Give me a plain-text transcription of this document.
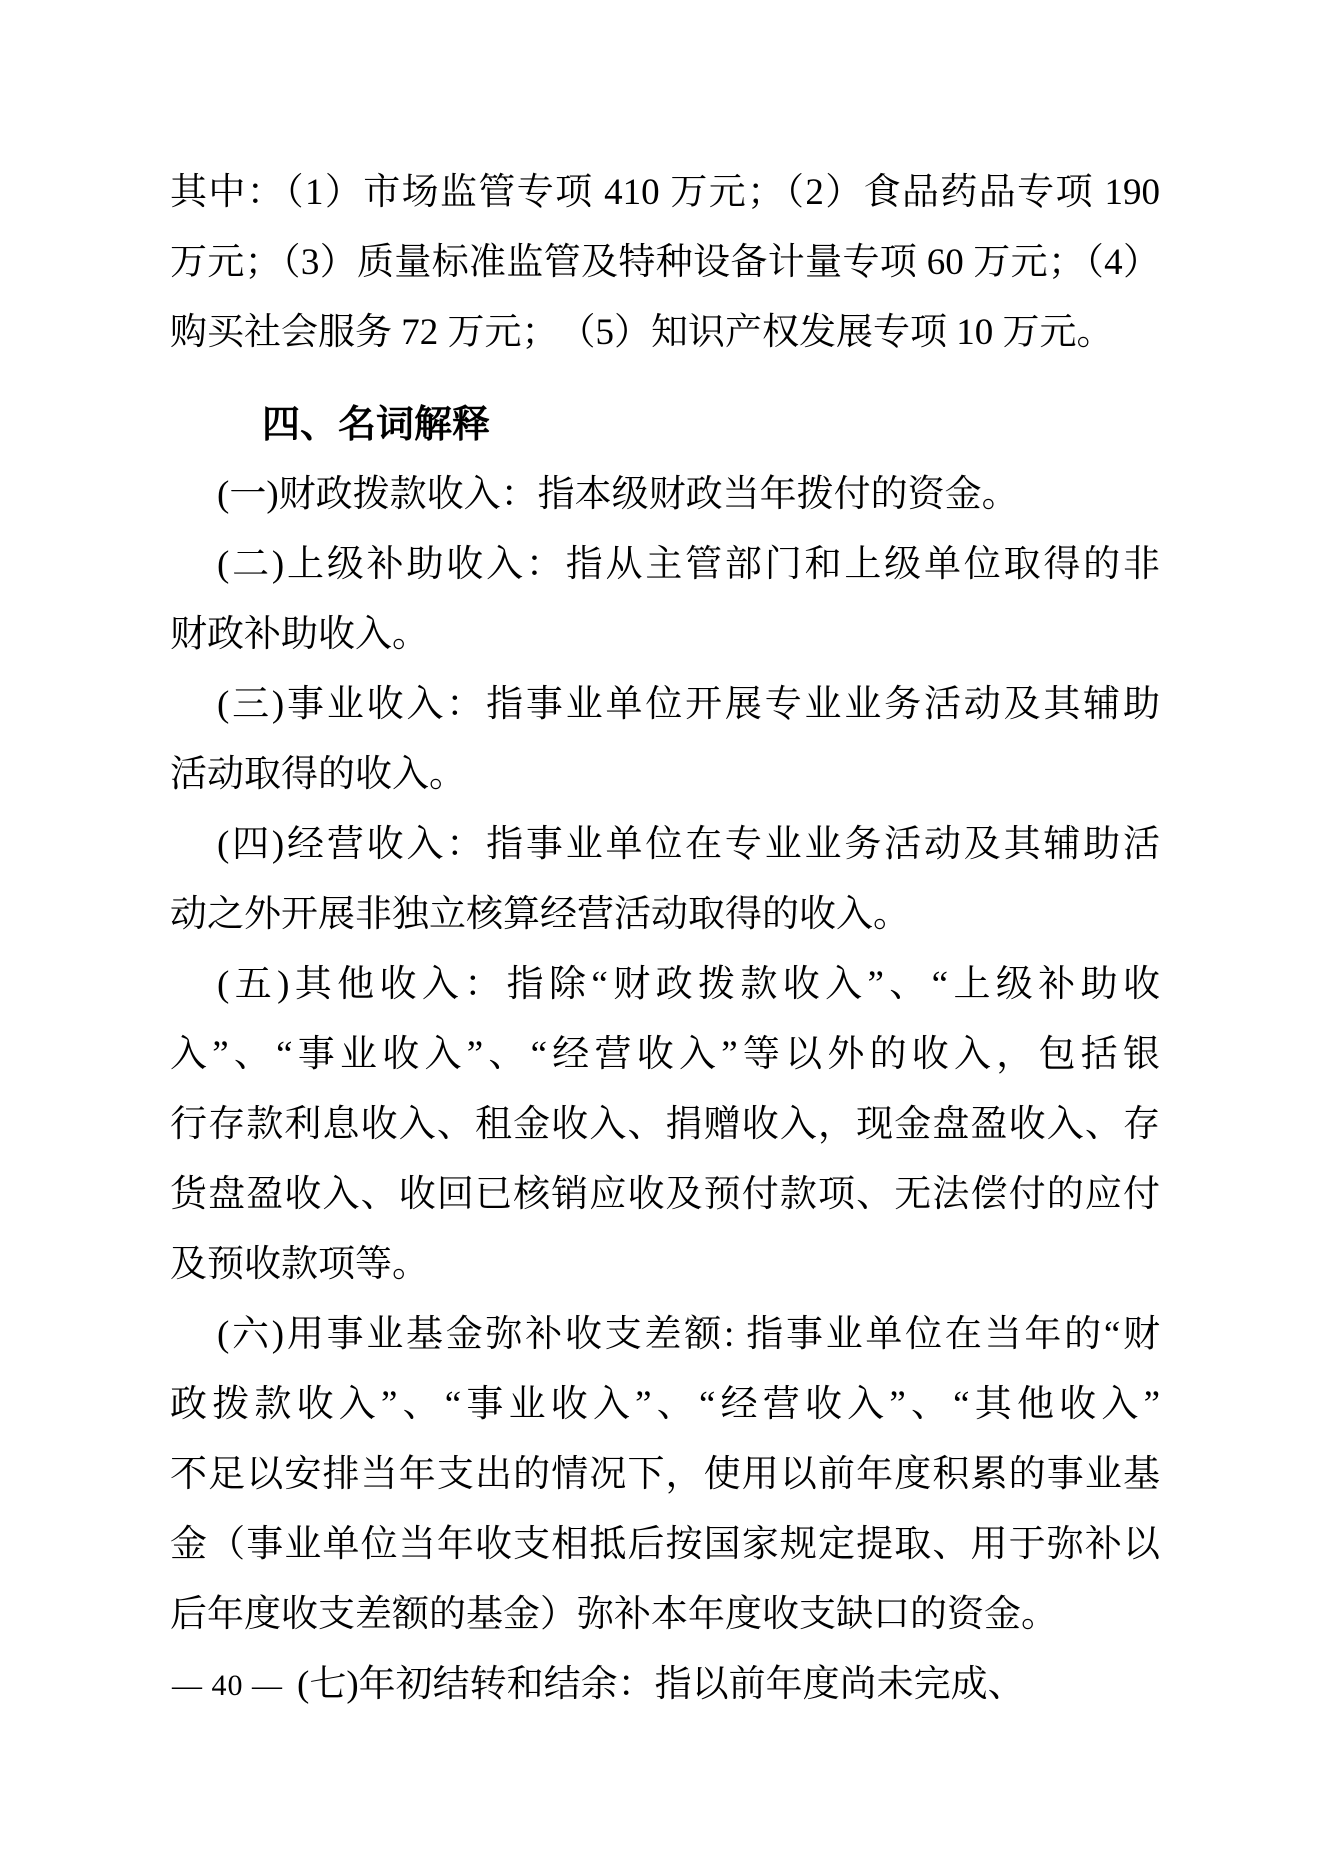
其中：（1）市场监管专项 410 万元；（2）食品药品专项 190
万元；（3）质量标准监管及特种设备计量专项 60 万元；（4）
购买社会服务 72 万元；　（5）知识产权发展专项 10 万元。
四、名词解释
(一)财政拨款收入：指本级财政当年拨付的资金。
(二)上级补助收入：指从主管部门和上级单位取得的非
财政补助收入。
(三)事业收入：指事业单位开展专业业务活动及其辅助
活动取得的收入。
(四)经营收入：指事业单位在专业业务活动及其辅助活
动之外开展非独立核算经营活动取得的收入。
(五)其他收入：指除“财政拨款收入”、“上级补助收
入”、“事业收入”、“经营收入”等以外的收入，包括银
行存款利息收入、租金收入、捐赠收入，现金盘盈收入、存
货盘盈收入、收回已核销应收及预付款项、无法偿付的应付
及预收款项等。
(六)用事业基金弥补收支差额: 指事业单位在当年的“财
政拨款收入”、“事业收入”、“经营收入”、“其他收入”
不足以安排当年支出的情况下，使用以前年度积累的事业基
金（事业单位当年收支相抵后按国家规定提取、用于弥补以
后年度收支差额的基金）弥补本年度收支缺口的资金。
(七)年初结转和结余：指以前年度尚未完成、
— 40 —
